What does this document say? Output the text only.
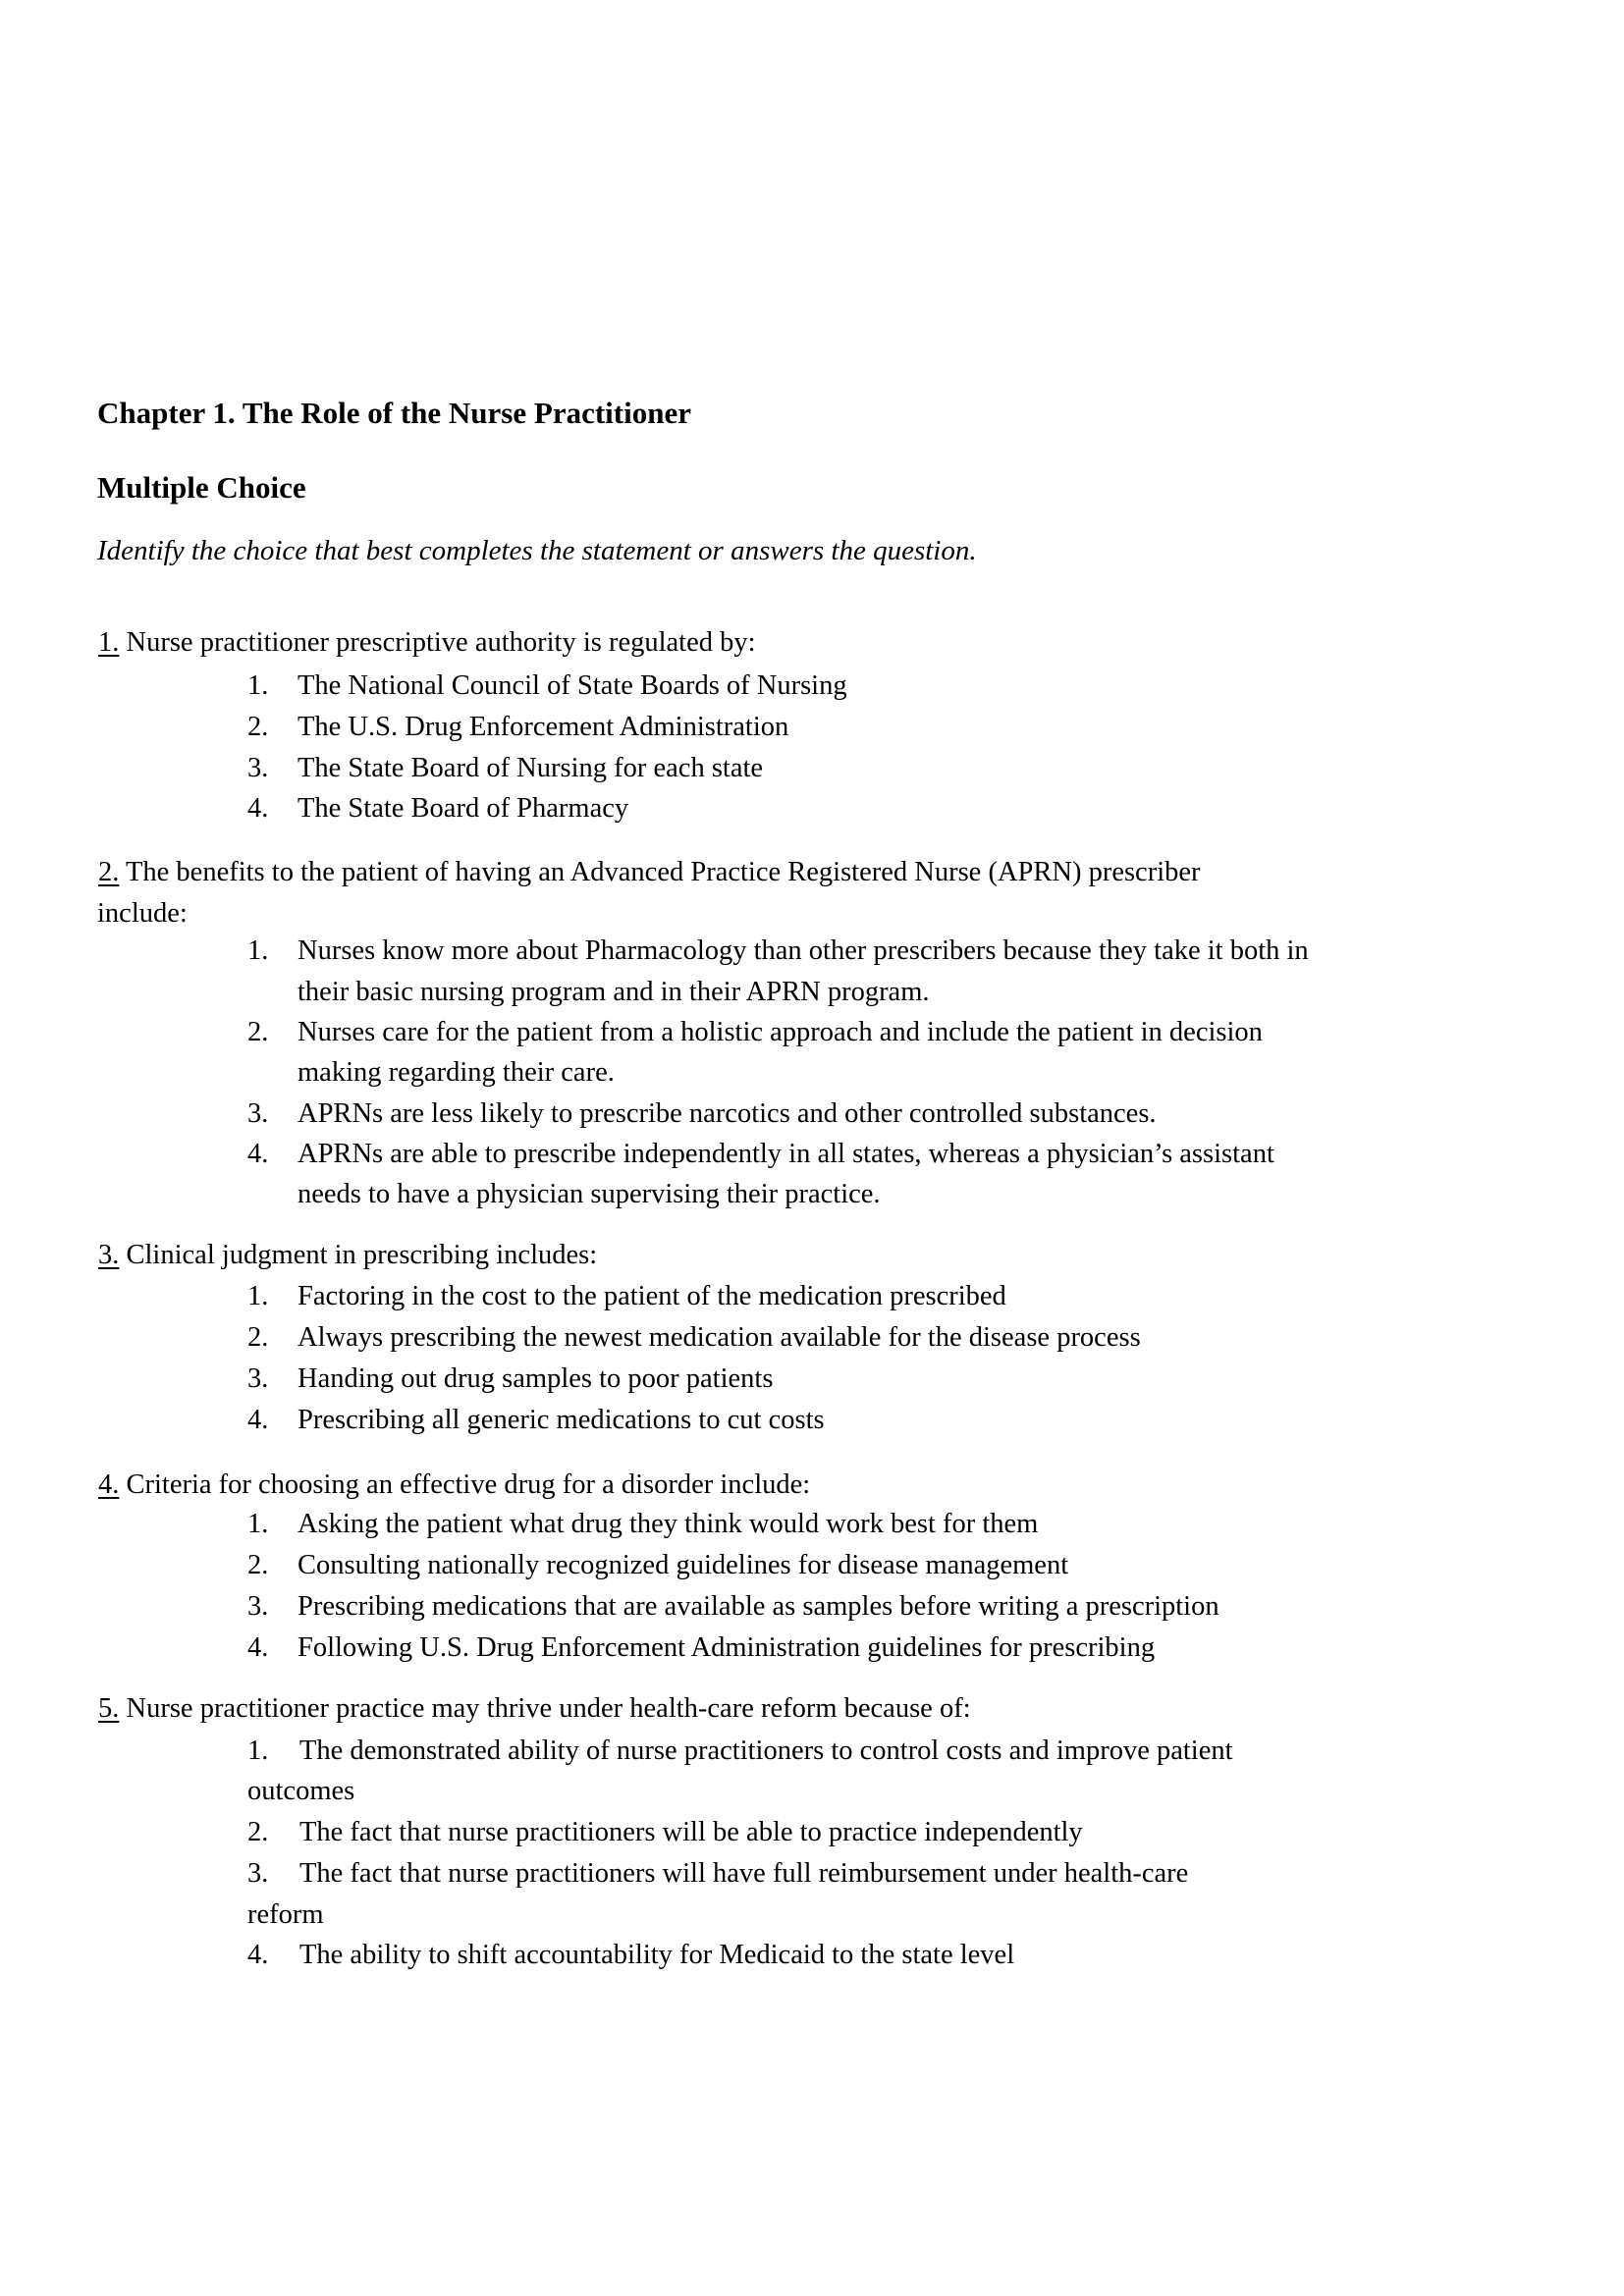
Chapter 1. The Role of the Nurse Practitioner
Multiple Choice
Identify the choice that best completes the statement or answers the question.
1. Nurse practitioner prescriptive authority is regulated by:
1. The National Council of State Boards of Nursing
2. The U.S. Drug Enforcement Administration
3. The State Board of Nursing for each state
4. The State Board of Pharmacy
2. The benefits to the patient of having an Advanced Practice Registered Nurse (APRN) prescriber
include:
1. Nurses know more about Pharmacology than other prescribers because they take it both in
their basic nursing program and in their APRN program.
2. Nurses care for the patient from a holistic approach and include the patient in decision
making regarding their care.
3. APRNs are less likely to prescribe narcotics and other controlled substances.
4. APRNs are able to prescribe independently in all states, whereas a physician’s assistant
needs to have a physician supervising their practice.
3. Clinical judgment in prescribing includes:
1. Factoring in the cost to the patient of the medication prescribed
2. Always prescribing the newest medication available for the disease process
3. Handing out drug samples to poor patients
4. Prescribing all generic medications to cut costs
4. Criteria for choosing an effective drug for a disorder include:
1. Asking the patient what drug they think would work best for them
2. Consulting nationally recognized guidelines for disease management
3. Prescribing medications that are available as samples before writing a prescription
4. Following U.S. Drug Enforcement Administration guidelines for prescribing
5. Nurse practitioner practice may thrive under health-care reform because of:
1. The demonstrated ability of nurse practitioners to control costs and improve patient
outcomes
2. The fact that nurse practitioners will be able to practice independently
3. The fact that nurse practitioners will have full reimbursement under health-care
reform
4. The ability to shift accountability for Medicaid to the state level
